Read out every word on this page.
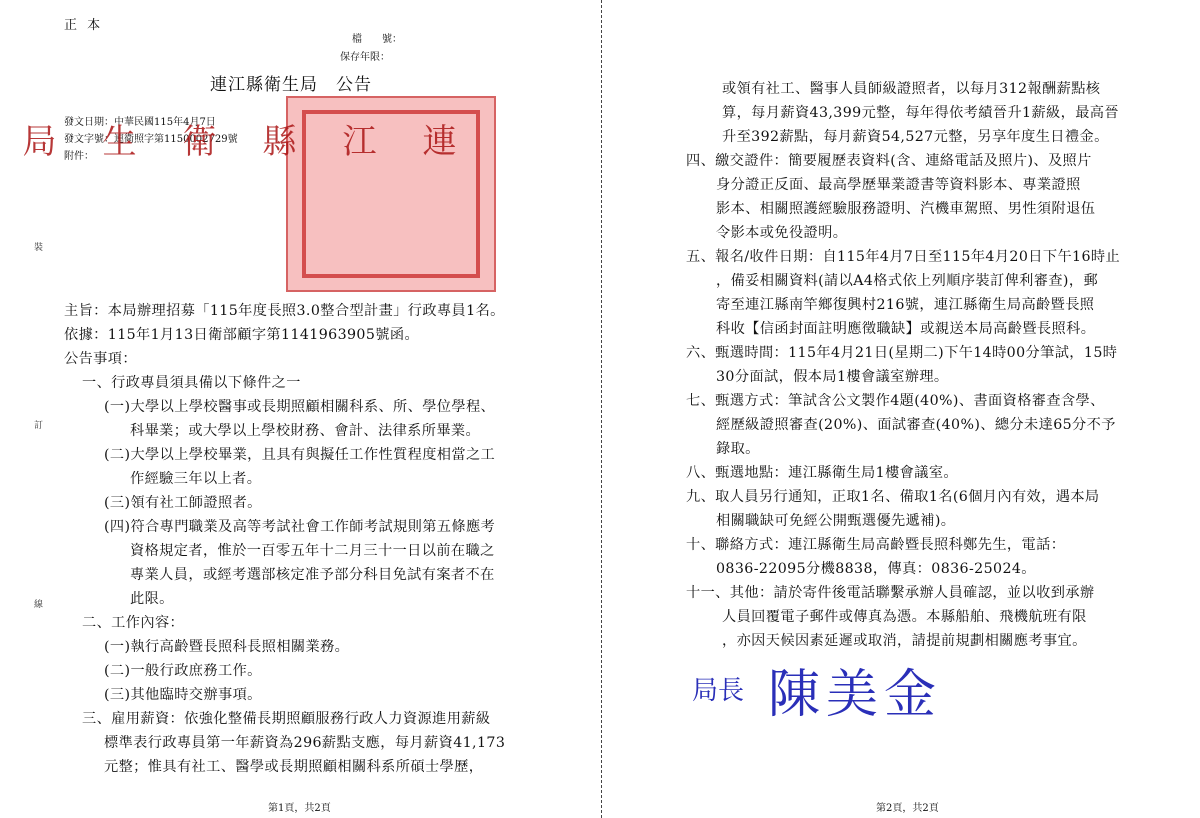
正 本
檔　　號：
保存年限：
連江縣衛生局　公告
發文日期：中華民國115年4月7日
發文字號：連衛照字第1150002729號
附件：	連江縣衛生局
裝
訂
線
主旨：本局辦理招募「115年度長照3.0整合型計畫」行政專員1名。
依據：115年1月13日衛部顧字第1141963905號函。
公告事項：
一、行政專員須具備以下條件之一
(一)大學以上學校醫事或長期照顧相關科系、所、學位學程、
科畢業；或大學以上學校財務、會計、法律系所畢業。
(二)大學以上學校畢業，且具有與擬任工作性質程度相當之工
作經驗三年以上者。
(三)領有社工師證照者。
(四)符合專門職業及高等考試社會工作師考試規則第五條應考
資格規定者，惟於一百零五年十二月三十一日以前在職之
專業人員，或經考選部核定准予部分科目免試有案者不在
此限。
二、工作內容：
(一)執行高齡暨長照科長照相關業務。
(二)一般行政庶務工作。
(三)其他臨時交辦事項。
三、雇用薪資：依強化整備長期照顧服務行政人力資源進用薪級
標準表行政專員第一年薪資為296薪點支應，每月薪資41,173
元整；惟具有社工、醫學或長期照顧相關科系所碩士學歷，
第1頁，共2頁
或領有社工、醫事人員師級證照者，以每月312報酬薪點核
算，每月薪資43,399元整，每年得依考績晉升1薪級，最高晉
升至392薪點，每月薪資54,527元整，另享年度生日禮金。
四、繳交證件：簡要履歷表資料(含、連絡電話及照片)、及照片
身分證正反面、最高學歷畢業證書等資料影本、專業證照
影本、相關照護經驗服務證明、汽機車駕照、男性須附退伍
令影本或免役證明。
五、報名/收件日期：自115年4月7日至115年4月20日下午16時止
，備妥相關資料(請以A4格式依上列順序裝訂俾利審查)，郵
寄至連江縣南竿鄉復興村216號，連江縣衛生局高齡暨長照
科收【信函封面註明應徵職缺】或親送本局高齡暨長照科。
六、甄選時間：115年4月21日(星期二)下午14時00分筆試，15時
30分面試，假本局1樓會議室辦理。
七、甄選方式：筆試含公文製作4題(40%)、書面資格審查含學、
經歷級證照審查(20%)、面試審查(40%)、總分未達65分不予
錄取。
八、甄選地點：連江縣衛生局1樓會議室。
九、取人員另行通知，正取1名、備取1名(6個月內有效，遇本局
相關職缺可免經公開甄選優先遞補)。
十、聯絡方式：連江縣衛生局高齡暨長照科鄭先生，電話：
0836-22095分機8838，傳真：0836-25024。
十一、其他：請於寄件後電話聯繫承辦人員確認，並以收到承辦
人員回覆電子郵件或傳真為憑。本縣船舶、飛機航班有限
，亦因天候因素延遲或取消，請提前規劃相關應考事宜。
局長 陳美金
第2頁，共2頁
